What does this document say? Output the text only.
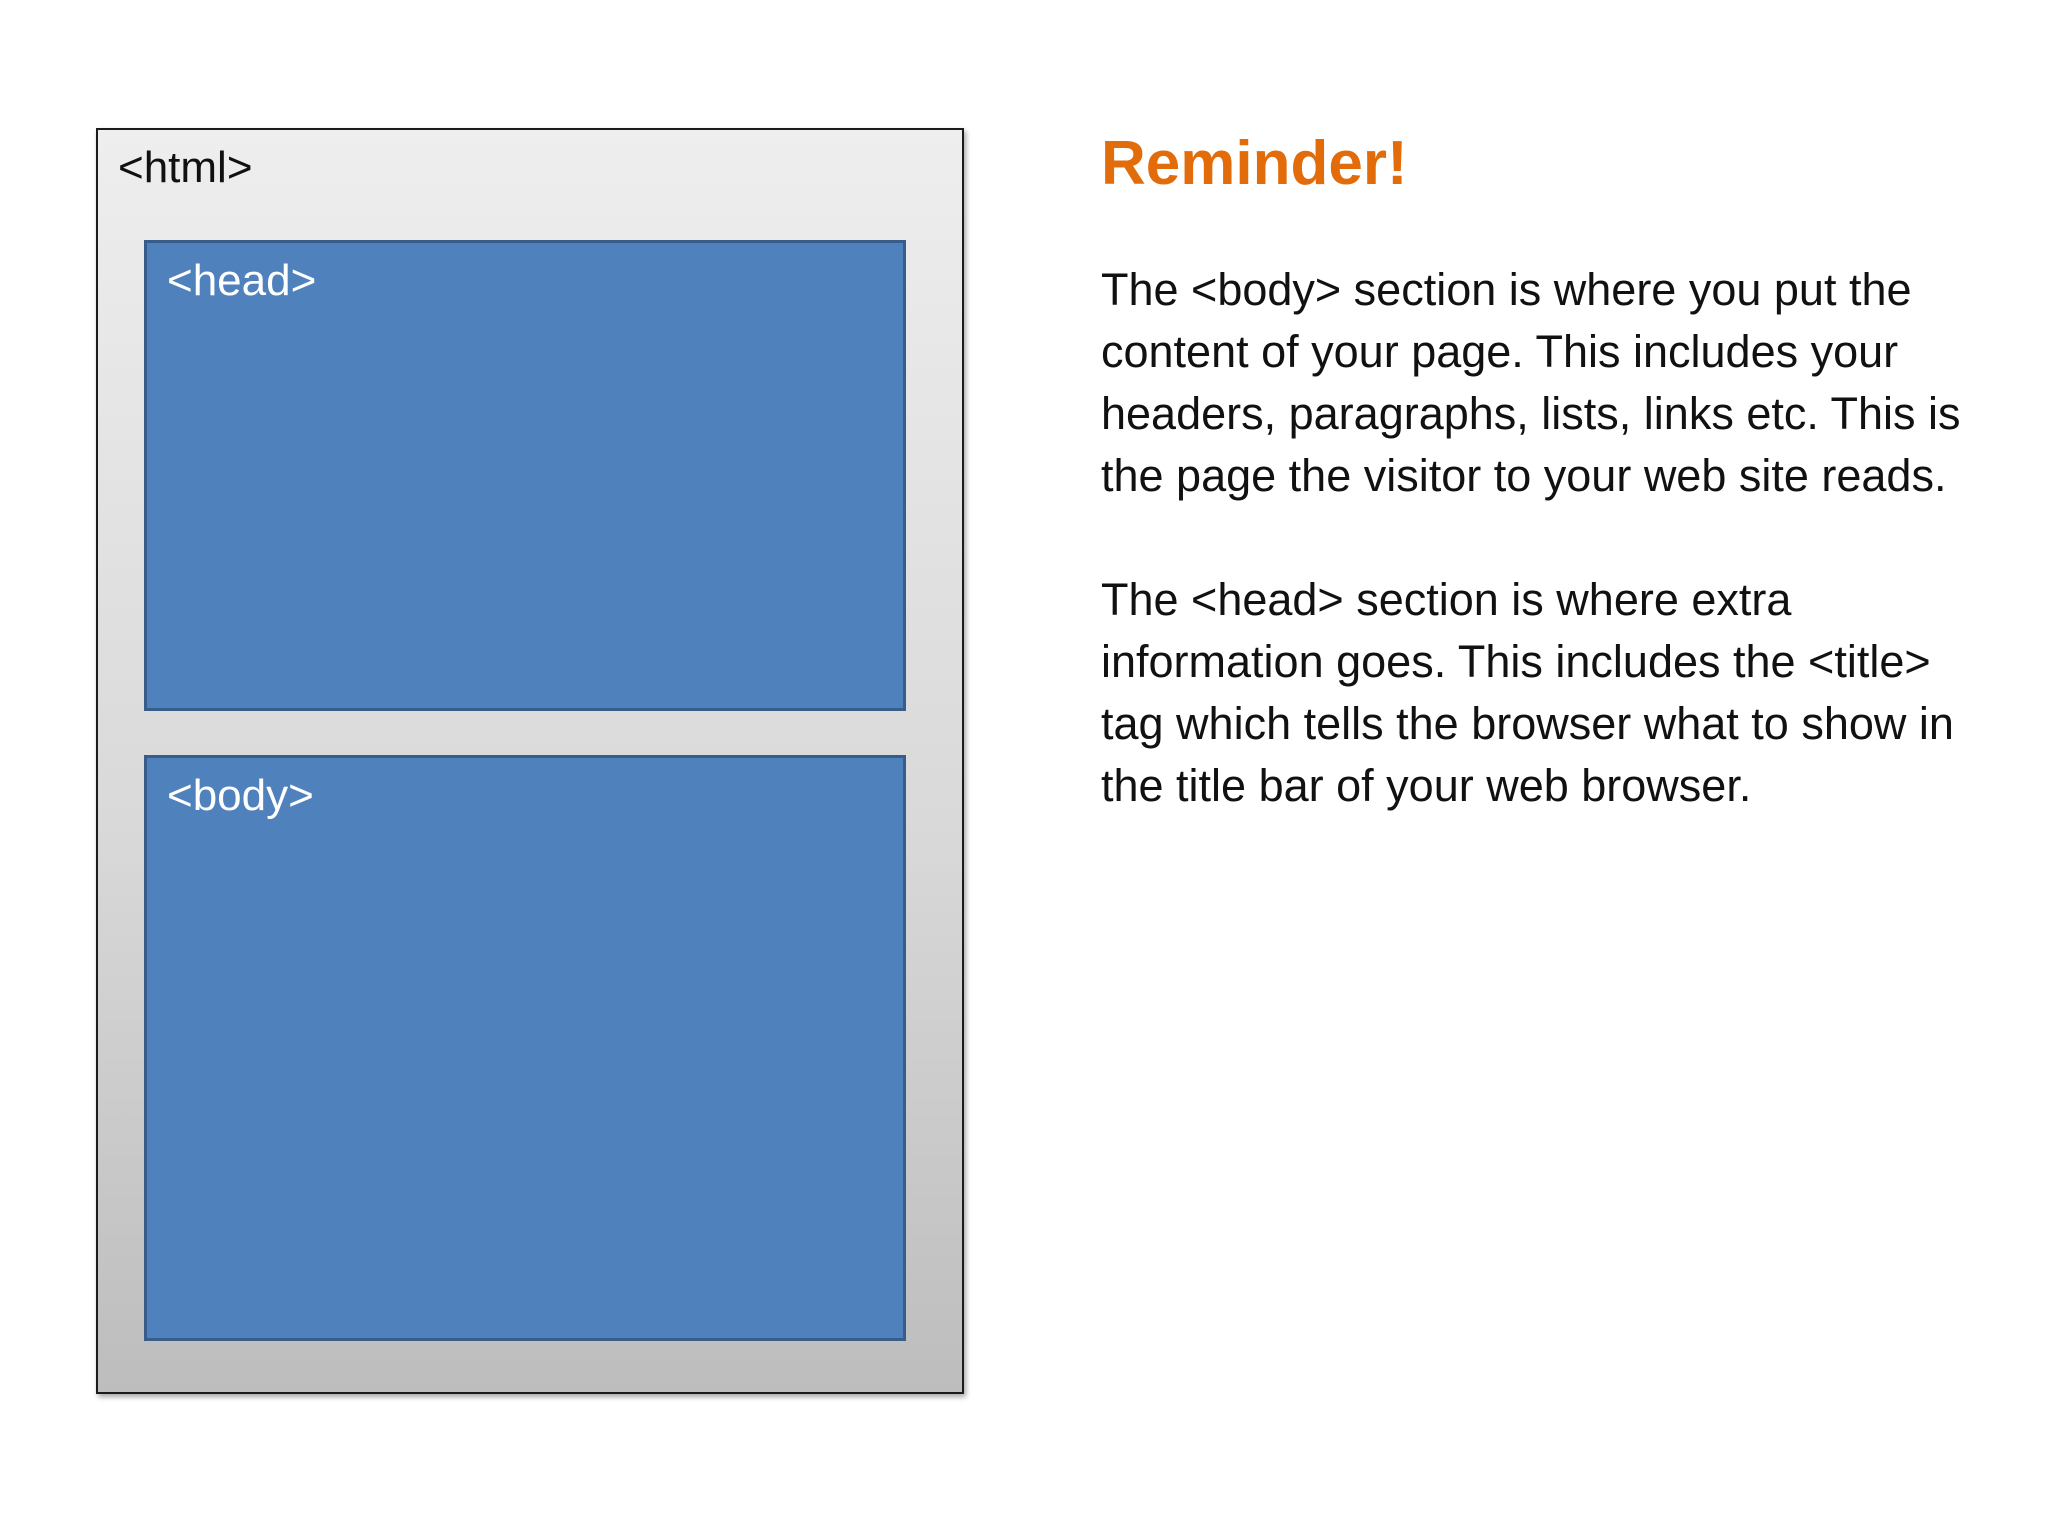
<html>
<head>
<body>
Reminder!

The <body> section is where you put the content of your page. This includes your headers, paragraphs, lists, links etc. This is the page the visitor to your web site reads.

The <head> section is where extra information goes. This includes the <title> tag which tells the browser what to show in the title bar of your web browser.
